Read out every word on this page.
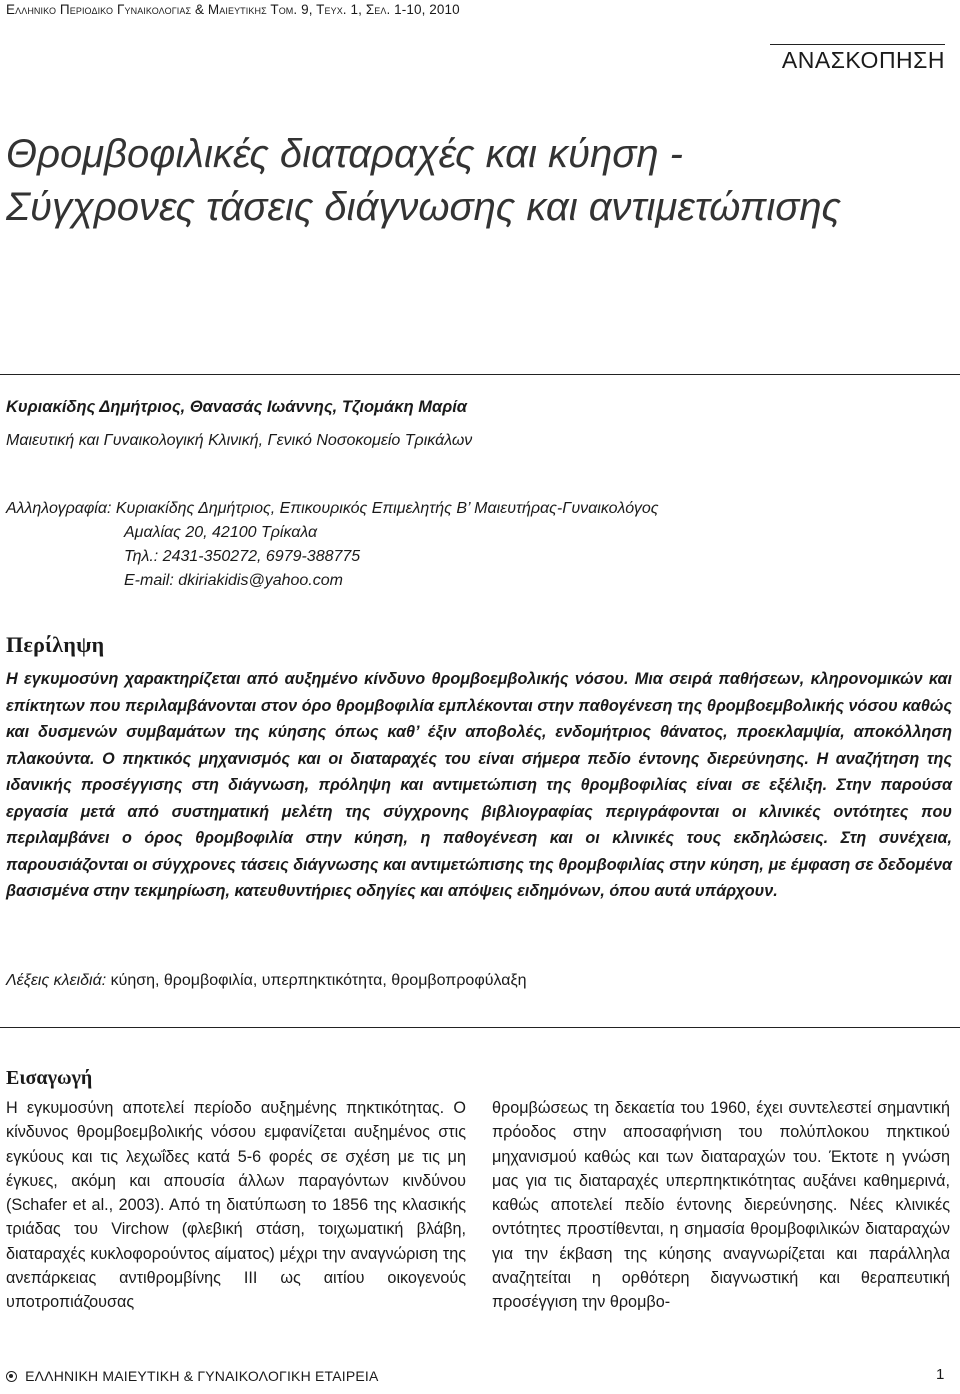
Ελληνικο Περιοδικο Γυναικολογιας & Μαιευτικης Τομ. 9, Τευχ. 1, Σελ. 1-10, 2010
ΑΝΑΣΚΟΠΗΣΗ
Θρομβοφιλικές διαταραχές και κύηση -
Σύγχρονες τάσεις διάγνωσης και αντιμετώπισης
Κυριακίδης Δημήτριος, Θανασάς Ιωάννης, Τζιομάκη Μαρία
Μαιευτική και Γυναικολογική Κλινική, Γενικό Νοσοκομείο Τρικάλων
Αλληλογραφία: Κυριακίδης Δημήτριος, Επικουρικός Επιμελητής Β’ Μαιευτήρας-Γυναικολόγος
Αμαλίας 20, 42100 Τρίκαλα
Τηλ.: 2431-350272, 6979-388775
E-mail: dkiriakidis@yahoo.com
Περίληψη
Η εγκυμοσύνη χαρακτηρίζεται από αυξημένο κίνδυνο θρομβοεμβολικής νόσου. Μια σειρά παθήσεων, κληρονομικών και επίκτητων που περιλαμβάνονται στον όρο θρομβοφιλία εμπλέκονται στην παθογένεση της θρομβοεμβολικής νόσου καθώς και δυσμενών συμβαμάτων της κύησης όπως καθ’ έξιν αποβολές, ενδομήτριος θάνατος, προεκλαμψία, αποκόλληση πλακούντα. Ο πηκτικός μηχανισμός και οι διαταραχές του είναι σήμερα πεδίο έντονης διερεύνησης. Η αναζήτηση της ιδανικής προσέγγισης στη διάγνωση, πρόληψη και αντιμετώπιση της θρομβοφιλίας είναι σε εξέλιξη. Στην παρούσα εργασία μετά από συστηματική μελέτη της σύγχρονης βιβλιογραφίας περιγράφονται οι κλινικές οντότητες που περιλαμβάνει ο όρος θρομβοφιλία στην κύηση, η παθογένεση και οι κλινικές τους εκδηλώσεις. Στη συνέχεια, παρουσιάζονται οι σύγχρονες τάσεις διάγνωσης και αντιμετώπισης της θρομβοφιλίας στην κύηση, με έμφαση σε δεδομένα βασισμένα στην τεκμηρίωση, κατευθυντήριες οδηγίες και απόψεις ειδημόνων, όπου αυτά υπάρχουν.
Λέξεις κλειδιά: κύηση, θρομβοφιλία, υπερπηκτικότητα, θρομβοπροφύλαξη
Εισαγωγή
Η εγκυμοσύνη αποτελεί περίοδο αυξημένης πηκτικότητας. Ο κίνδυνος θρομβοεμβολικής νόσου εμφανίζεται αυξημένος στις εγκύους και τις λεχωΐδες κατά 5-6 φορές σε σχέση με τις μη έγκυες, ακόμη και απουσία άλλων παραγόντων κινδύνου (Schafer et al., 2003). Από τη διατύπωση το 1856 της κλασικής τριάδας του Virchow (φλεβική στάση, τοιχωματική βλάβη, διαταραχές κυκλοφορούντος αίματος) μέχρι την αναγνώριση της ανεπάρκειας αντιθρομβίνης ΙΙΙ ως αιτίου οικογενούς υποτροπιάζουσας
θρομβώσεως τη δεκαετία του 1960, έχει συντελεστεί σημαντική πρόοδος στην αποσαφήνιση του πολύπλοκου πηκτικού μηχανισμού καθώς και των διαταραχών του. Έκτοτε η γνώση μας για τις διαταραχές υπερπηκτικότητας αυξάνει καθημερινά, καθώς αποτελεί πεδίο έντονης διερεύνησης. Νέες κλινικές οντότητες προστίθενται, η σημασία θρομβοφιλικών διαταραχών για την έκβαση της κύησης αναγνωρίζεται και παράλληλα αναζητείται η ορθότερη διαγνωστική και θεραπευτική προσέγγιση την θρομβο-
ΕΛΛΗΝΙΚΗ ΜΑΙΕΥΤΙΚΗ & ΓΥΝΑΙΚΟΛΟΓΙΚΗ ΕΤΑΙΡΕΙΑ	1
